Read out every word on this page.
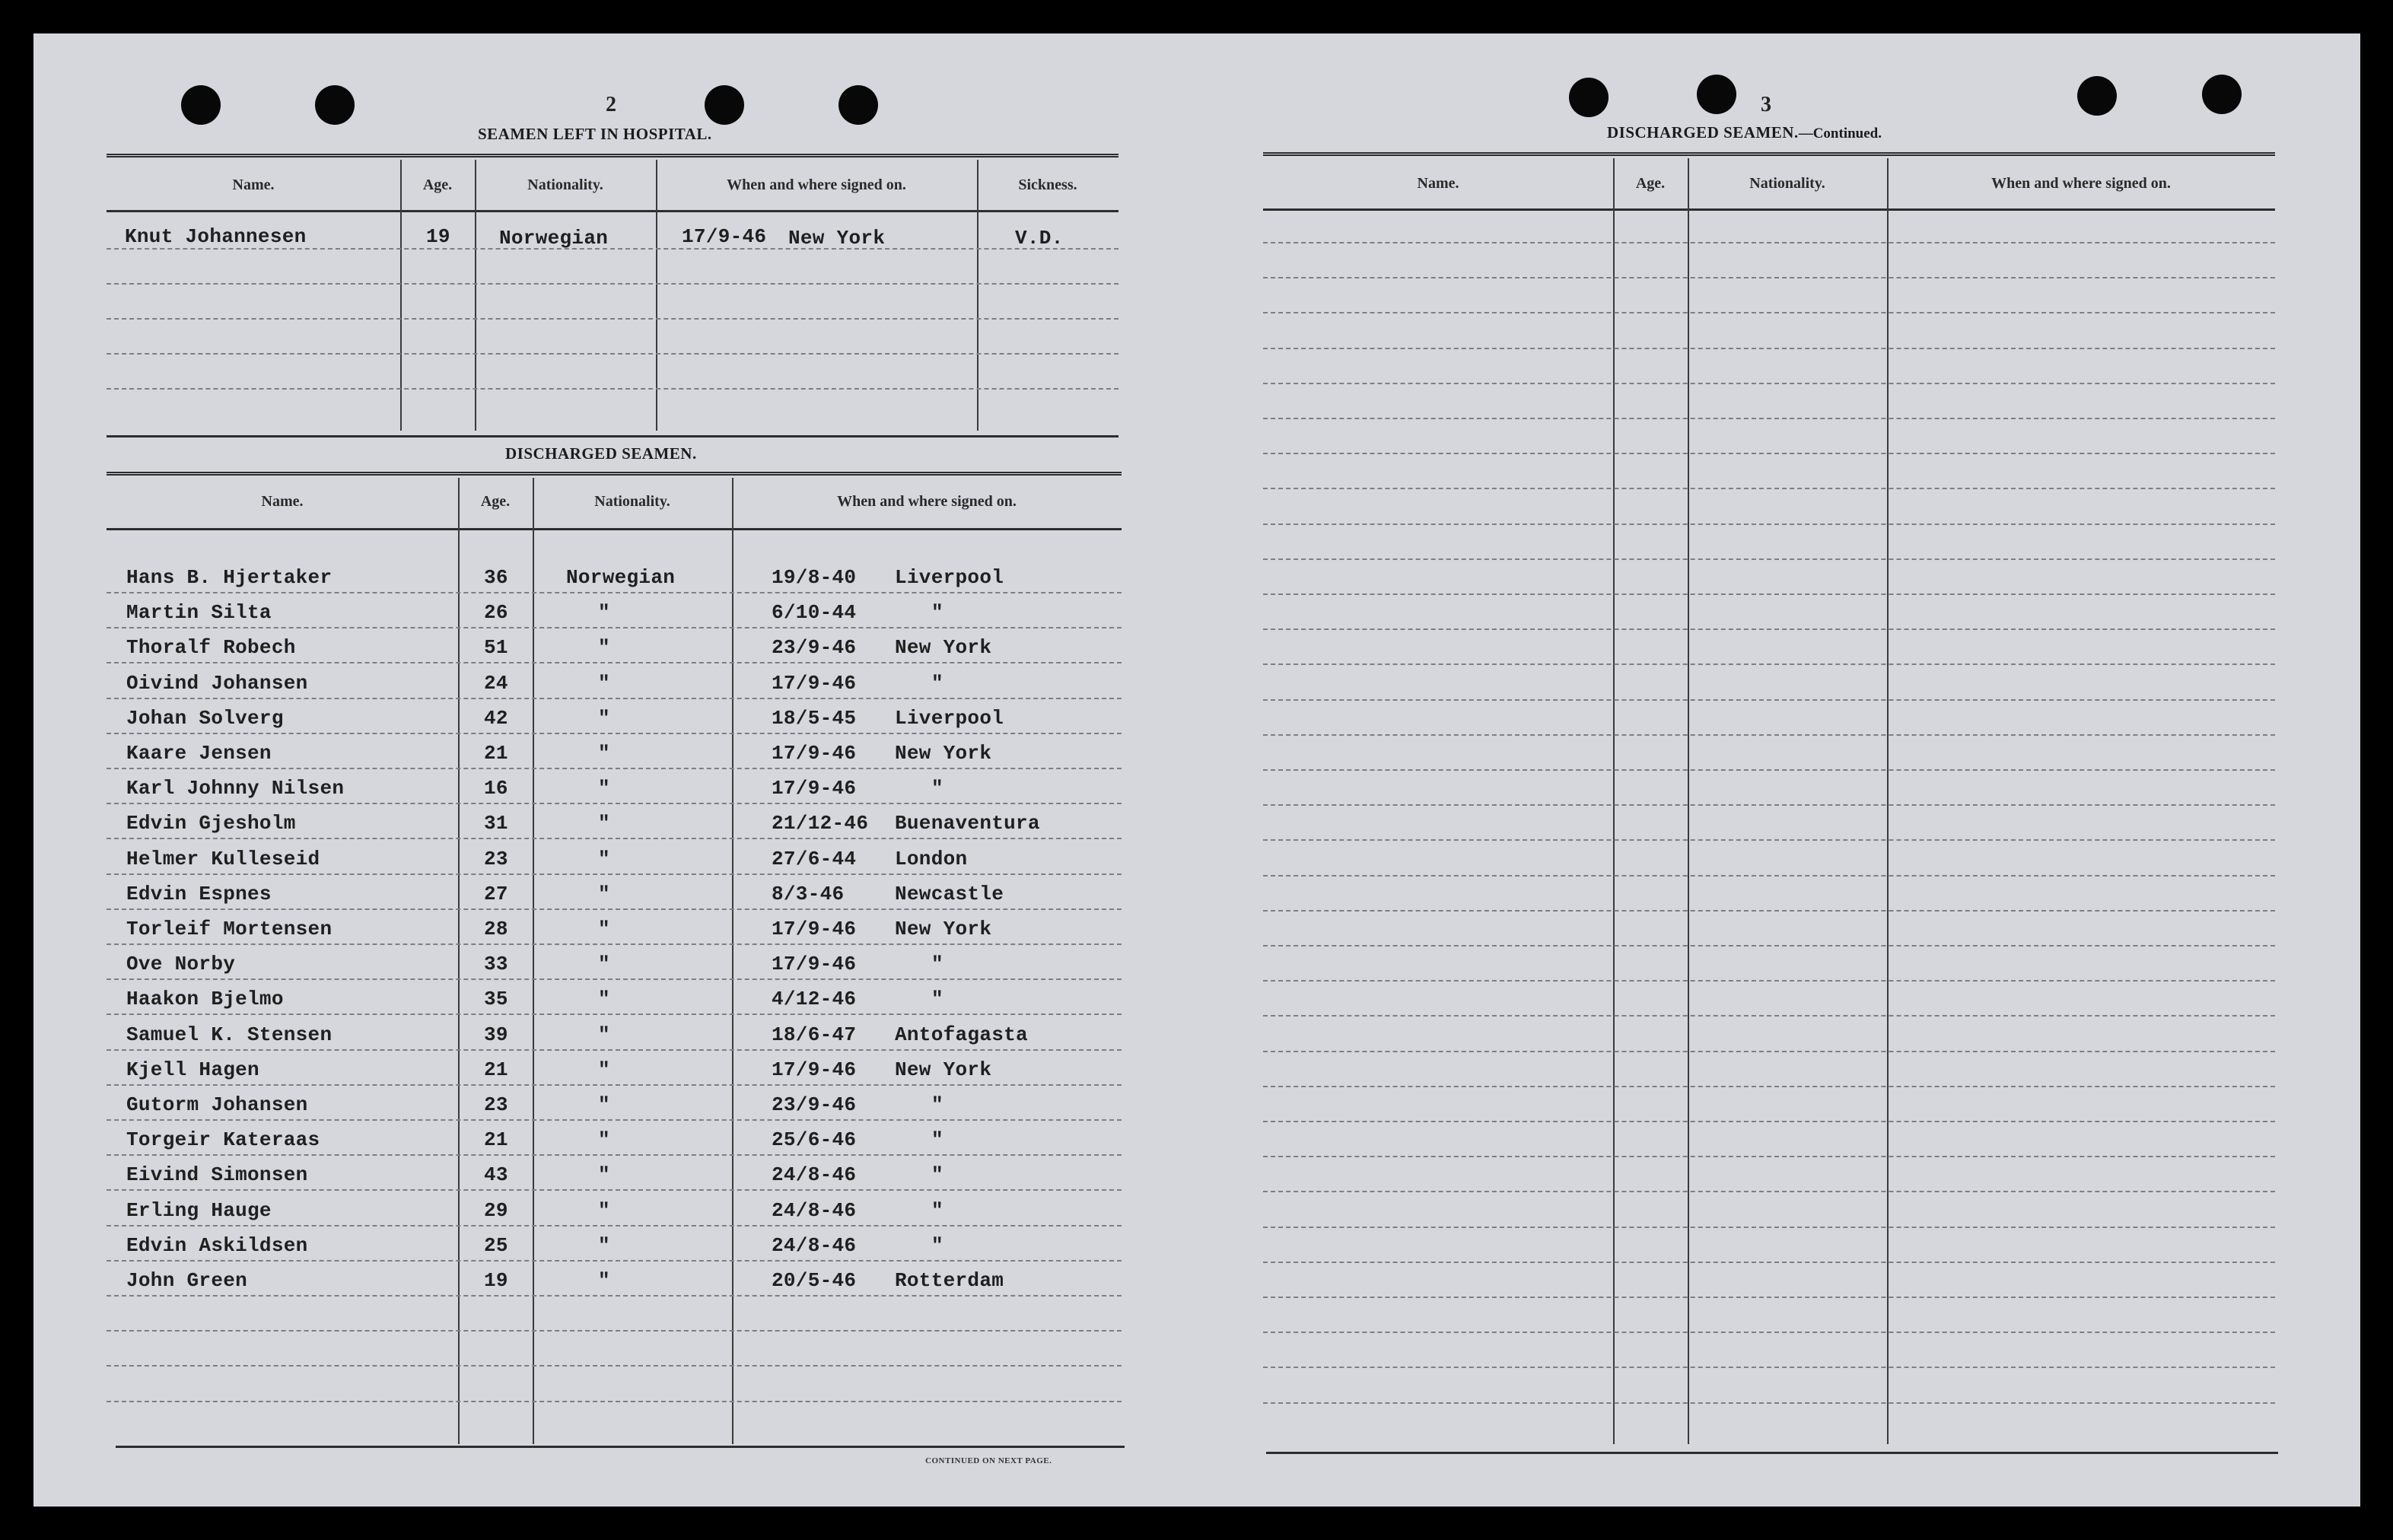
2
SEAMEN LEFT IN HOSPITAL.
Name.	Age.	Nationality.	When and where signed on.	Sickness.
Knut Johannesen	19 Norwegian	17/9-46 New York	V.D.
DISCHARGED SEAMEN.
Name.	Age.	Nationality.	When and where signed on.
Hans B. Hjertaker	36	Norwegian	19/8-40 Liverpool
Martin Silta	26	"	6/10-44	"
Thoralf Robech	51	"	23/9-46 New York
Oivind Johansen	24	"	17/9-46	"
Johan Solverg	42	"	18/5-45 Liverpool
Kaare Jensen	21	"	17/9-46 New York
Karl Johnny Nilsen	16	"	17/9-46	"
Edvin Gjesholm	31	"	21/12-46 Buenaventura
Helmer Kulleseid	23	"	27/6-44 London
Edvin Espnes	27	"	8/3-46	Newcastle
Torleif Mortensen	28	"	17/9-46 New York
Ove Norby	33	"	17/9-46	"
Haakon Bjelmo	35	"	4/12-46	"
Samuel K. Stensen	39	"	18/6-47 Antofagasta
Kjell Hagen	21	"	17/9-46 New York
Gutorm Johansen	23	"	23/9-46	"
Torgeir Kateraas	21	"	25/6-46	"
Eivind Simonsen	43	"	24/8-46	"
Erling Hauge	29	"	24/8-46	"
Edvin Askildsen	25	"	24/8-46	"
John Green	19	"	20/5-46 Rotterdam
CONTINUED ON NEXT PAGE.
3
DISCHARGED SEAMEN.—Continued.
Name.	Age.	Nationality.	When and where signed on.
